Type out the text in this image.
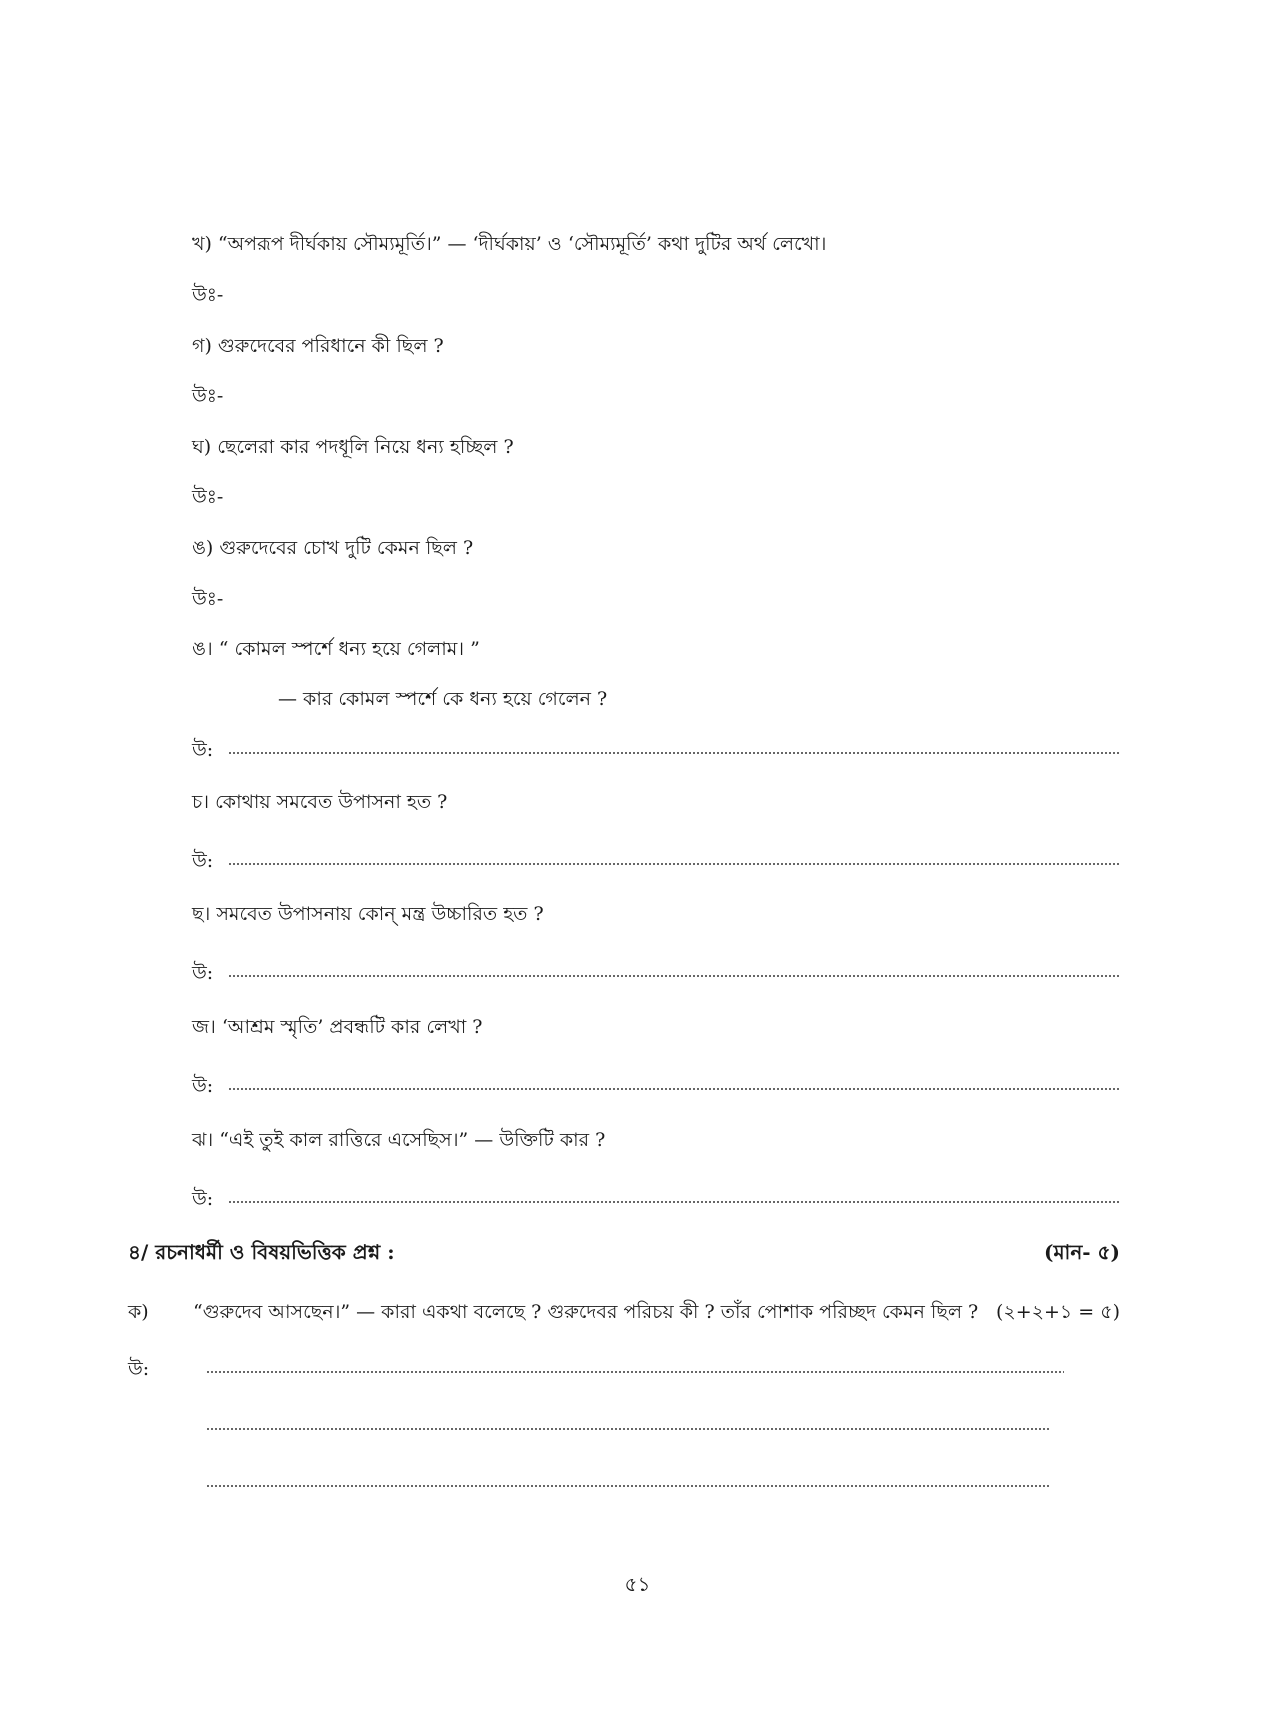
খ) “অপরূপ দীর্ঘকায় সৌম্যমূর্তি।” — ‘দীর্ঘকায়’ ও ‘সৌম্যমূর্তি’ কথা দুটির অর্থ লেখো।
উঃ-
গ) গুরুদেবের পরিধানে কী ছিল ?
উঃ-
ঘ) ছেলেরা কার পদধূলি নিয়ে ধন্য হচ্ছিল ?
উঃ-
ঙ) গুরুদেবের চোখ দুটি কেমন ছিল ?
উঃ-
ঙ। “ কোমল স্পর্শে ধন্য হয়ে গেলাম। ”
— কার কোমল স্পর্শে কে ধন্য হয়ে গেলেন ?
উ:
চ। কোথায় সমবেত উপাসনা হত ?
উ:
ছ। সমবেত উপাসনায় কোন্ মন্ত্র উচ্চারিত হত ?
উ:
জ। ‘আশ্রম স্মৃতি’ প্রবন্ধটি কার লেখা ?
উ:
ঝ। “এই তুই কাল রাত্তিরে এসেছিস।” — উক্তিটি কার ?
উ:
৪/ রচনাধর্মী ও বিষয়ভিত্তিক প্রশ্ন :	(মান- ৫)
ক) “গুরুদেব আসছেন।” — কারা একথা বলেছে ? গুরুদেবর পরিচয় কী ? তাঁর পোশাক পরিচ্ছদ কেমন ছিল ? (২+২+১ = ৫)
উ:
৫১
